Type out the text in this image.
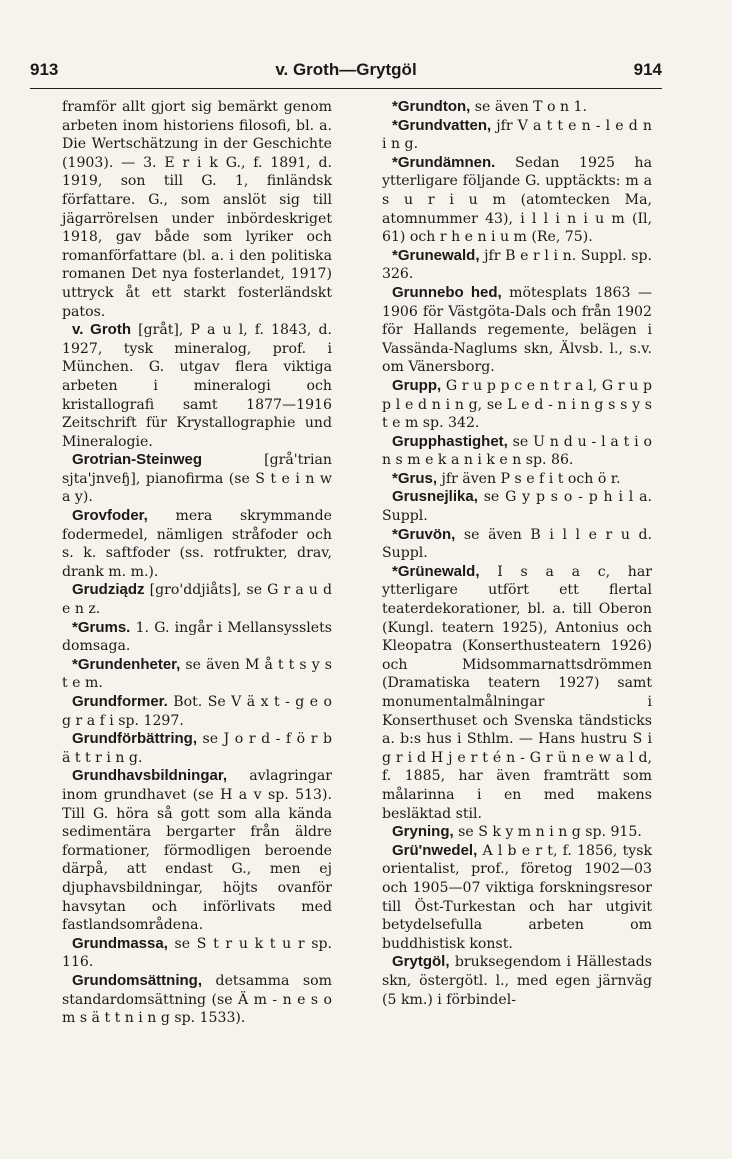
913	v. Groth—Grytgöl	914

framför allt gjort sig bemärkt genom arbeten inom historiens filosofi, bl. a. Die Wertschätzung in der Geschichte (1903). — 3. E r i k G., f. 1891, d. 1919, son till G. 1, finländsk författare. G., som anslöt sig till jägarrörelsen under inbördeskriget 1918, gav både som lyriker och romanförfattare (bl. a. i den politiska romanen Det nya fosterlandet, 1917) uttryck åt ett starkt fosterländskt patos.

v. Groth [gråt], P a u l, f. 1843, d. 1927, tysk mineralog, prof. i München. G. utgav flera viktiga arbeten i mineralogi och kristallografi samt 1877—1916 Zeitschrift für Krystallographie und Mineralogie.

Grotrian-Steinweg [grå'trian sjta'jnveɧ], pianofirma (se S t e i n w a y).

Grovfoder, mera skrymmande fodermedel, nämligen stråfoder och s. k. saftfoder (ss. rotfrukter, drav, drank m. m.).

Grudziądz [gro'ddjiåts], se G r a u d e n z.

*Grums. 1. G. ingår i Mellansysslets domsaga.

*Grundenheter, se även M å t t s y s t e m.

Grundformer. Bot. Se V ä x t - g e o g r a f i sp. 1297.

Grundförbättring, se J o r d - f ö r b ä t t r i n g.

Grundhavsbildningar, avlagringar inom grundhavet (se H a v sp. 513). Till G. höra så gott som alla kända sedimentära bergarter från äldre formationer, förmodligen beroende därpå, att endast G., men ej djuphavsbildningar, höjts ovanför havsytan och införlivats med fastlandsområdena.

Grundmassa, se S t r u k t u r sp. 116.

Grundomsättning, detsamma som standardomsättning (se Ä m - n e s o m s ä t t n i n g sp. 1533).

*Grundton, se även T o n 1.

*Grundvatten, jfr V a t t e n - l e d n i n g.

*Grundämnen. Sedan 1925 ha ytterligare följande G. upptäckts: m a s u r i u m (atomtecken Ma, atomnummer 43), i l l i n i u m (Il, 61) och r h e n i u m (Re, 75).

*Grunewald, jfr B e r l i n. Suppl. sp. 326.

Grunnebo hed, mötesplats 1863 —1906 för Västgöta-Dals och från 1902 för Hallands regemente, belägen i Vassända-Naglums skn, Älvsb. l., s.v. om Vänersborg.

Grupp, G r u p p c e n t r a l, G r u p p l e d n i n g, se L e d - n i n g s s y s t e m sp. 342.

Grupphastighet, se U n d u - l a t i o n s m e k a n i k e n sp. 86.

*Grus, jfr även P s e f i t och ö r.

Grusnejlika, se G y p s o - p h i l a. Suppl.

*Gruvön, se även B i l l e r u d. Suppl.

*Grünewald, I s a a c, har ytterligare utfört ett flertal teaterdekorationer, bl. a. till Oberon (Kungl. teatern 1925), Antonius och Kleopatra (Konserthusteatern 1926) och Midsommarnattsdrömmen (Dramatiska teatern 1927) samt monumentalmålningar i Konserthuset och Svenska tändsticks a. b:s hus i Sthlm. — Hans hustru S i g r i d H j e r t é n - G r ü n e w a l d, f. 1885, har även framträtt som målarinna i en med makens besläktad stil.

Gryning, se S k y m n i n g sp. 915.

Grü'nwedel, A l b e r t, f. 1856, tysk orientalist, prof., företog 1902—03 och 1905—07 viktiga forskningsresor till Öst-Turkestan och har utgivit betydelsefulla arbeten om buddhistisk konst.

Grytgöl, bruksegendom i Hällestads skn, östergötl. l., med egen järnväg (5 km.) i förbindel-
